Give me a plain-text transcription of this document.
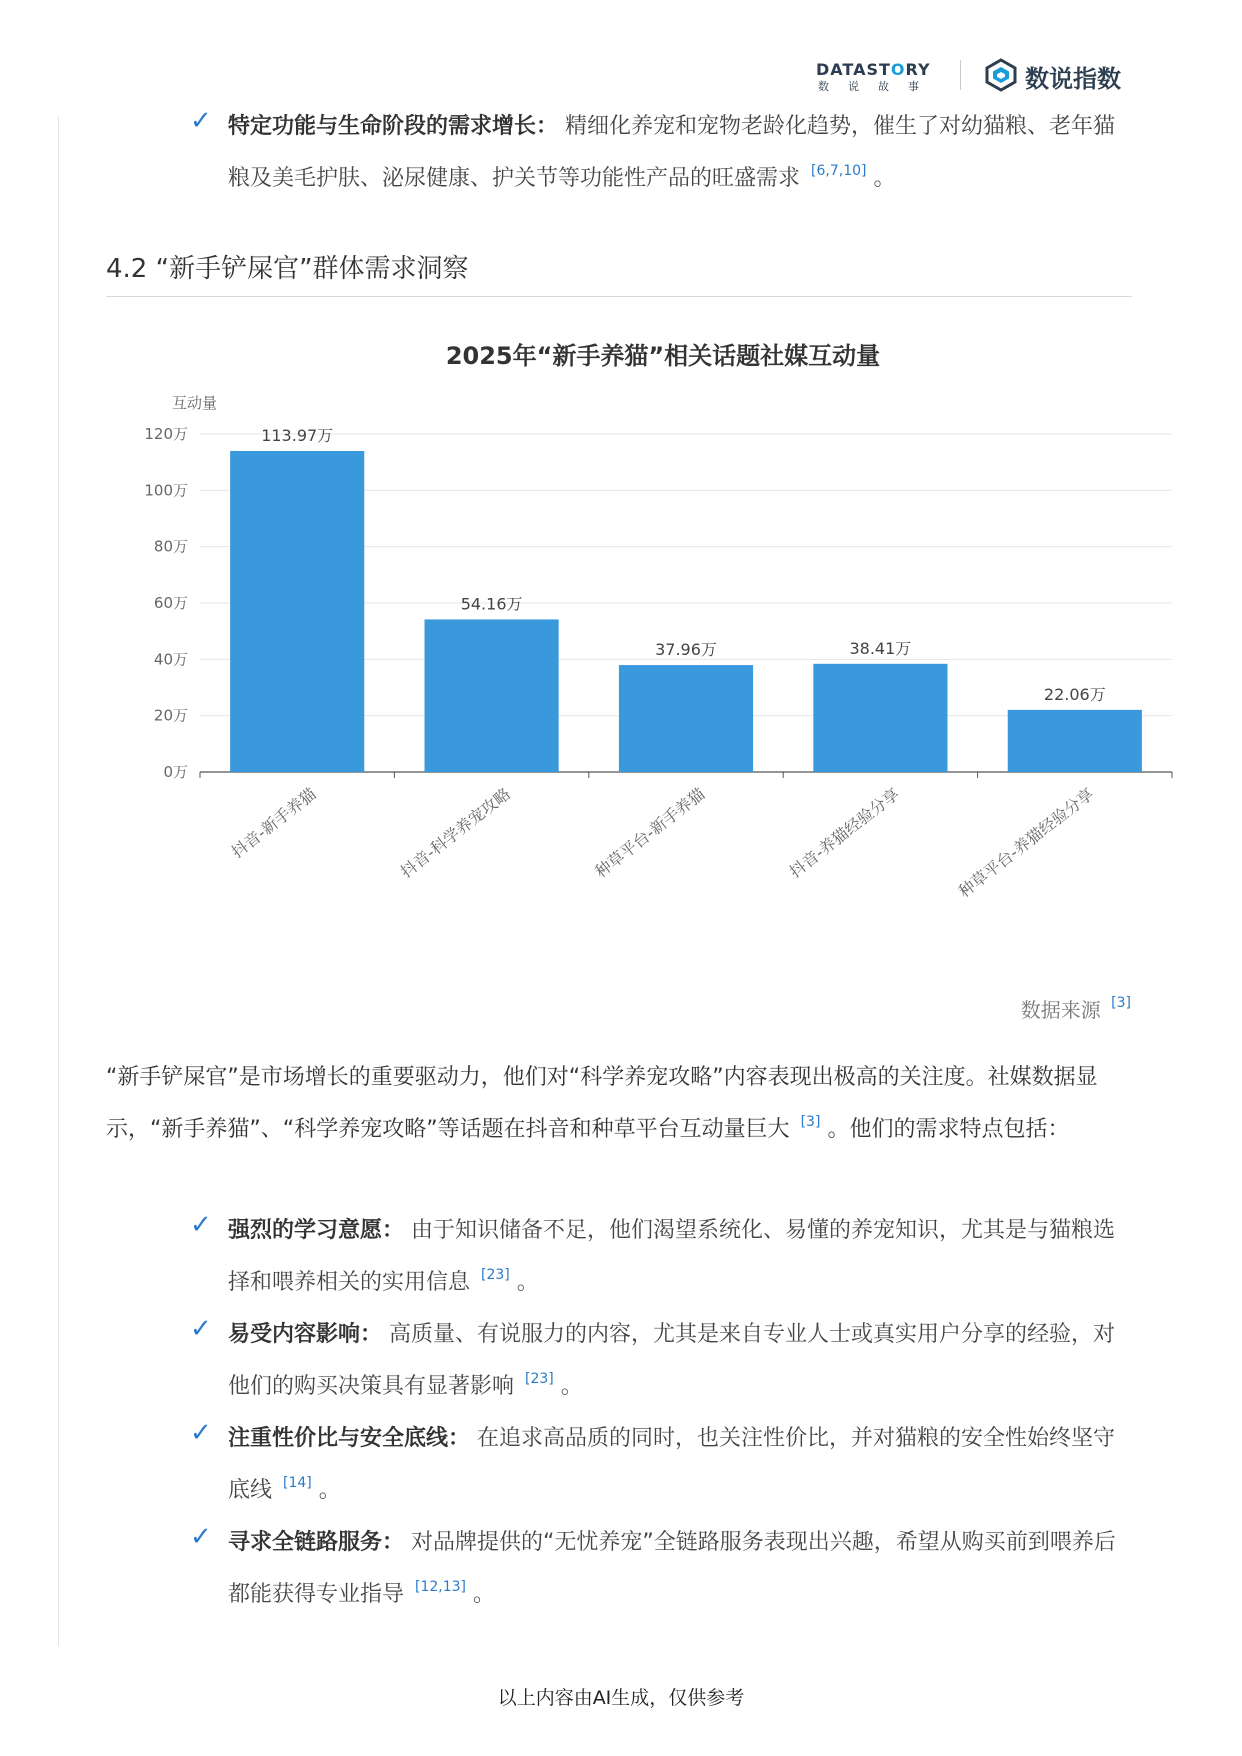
DATASTORY
数说故事	数说指数
✓ 特定功能与生命阶段的需求增长： 精细化养宠和宠物老龄化趋势，催生了对幼猫粮、老年猫粮及美毛护肤、泌尿健康、护关节等功能性产品的旺盛需求 [6,7,10] 。
4.2 “新手铲屎官”群体需求洞察
2025年“新手养猫”相关话题社媒互动量
互动量
0万
20万
40万
60万
80万
100万
120万	113.97万
抖音-新手养猫
54.16万
抖音-科学养宠攻略
37.96万
种草平台-新手养猫
38.41万
抖音-养猫经验分享
22.06万
种草平台-养猫经验分享
数据来源 [3]
“新手铲屎官”是市场增长的重要驱动力，他们对“科学养宠攻略”内容表现出极高的关注度。社媒数据显示，“新手养猫”、“科学养宠攻略”等话题在抖音和种草平台互动量巨大 [3] 。他们的需求特点包括：
✓ 强烈的学习意愿： 由于知识储备不足，他们渴望系统化、易懂的养宠知识，尤其是与猫粮选择和喂养相关的实用信息 [23] 。
✓ 易受内容影响： 高质量、有说服力的内容，尤其是来自专业人士或真实用户分享的经验，对他们的购买决策具有显著影响 [23] 。
✓ 注重性价比与安全底线： 在追求高品质的同时，也关注性价比，并对猫粮的安全性始终坚守底线 [14] 。
✓ 寻求全链路服务： 对品牌提供的“无忧养宠”全链路服务表现出兴趣，希望从购买前到喂养后都能获得专业指导 [12,13] 。
以上内容由AI生成，仅供参考
